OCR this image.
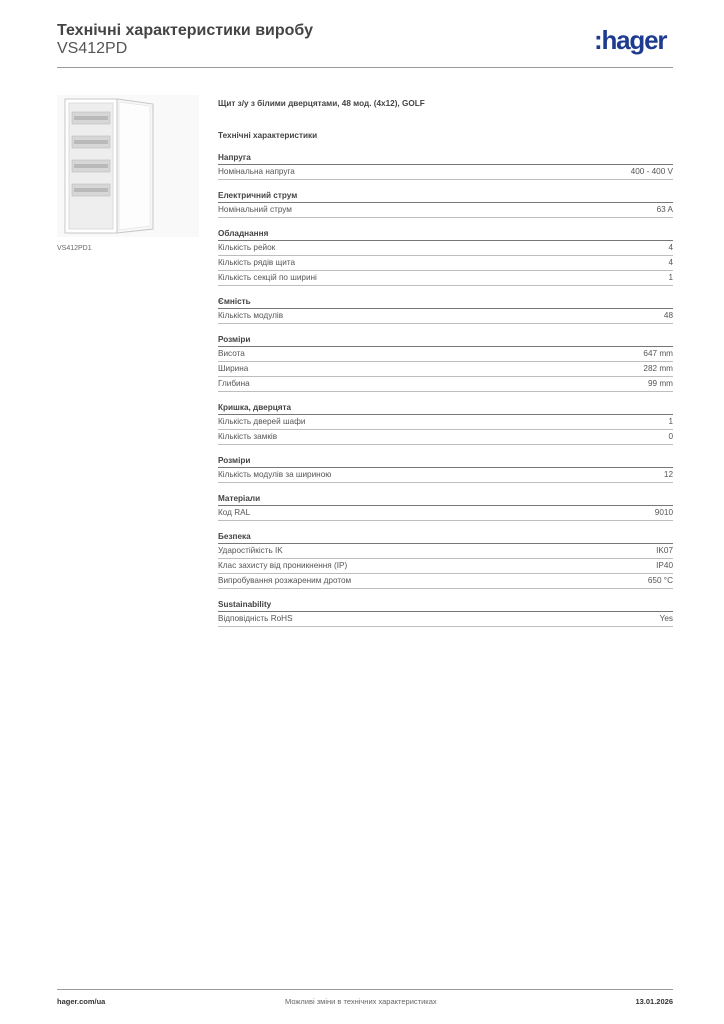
Технічні характеристики виробу
VS412PD	:hager
VS412PD1
Щит з/у з білими дверцятами, 48 мод. (4x12), GOLF
Технічні характеристики
Напруга
Номінальна напруга	400 - 400 V
Електричний струм
Номінальний струм	63 A
Обладнання
Кількість рейок	4
Кількість рядів щита	4
Кількість секцій по ширині	1
Ємність
Кількість модулів	48
Розміри
Висота	647 mm
Ширина	282 mm
Глибина	99 mm
Кришка, дверцята
Кількість дверей шафи	1
Кількість замків	0
Розміри
Кількість модулів за шириною	12
Матеріали
Код RAL	9010
Безпека
Ударостійкість IK	IK07
Клас захисту від проникнення (IP)	IP40
Випробування розжареним дротом	650 °C
Sustainability
Відповідність RoHS	Yes
hager.com/ua	Можливі зміни в технічних характеристиках	13.01.2026
